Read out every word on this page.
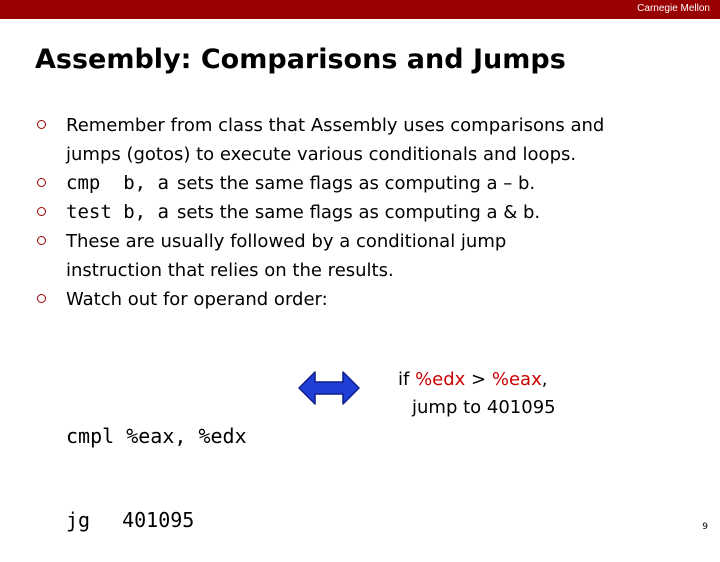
Carnegie Mellon
Assembly: Comparisons and Jumps
Remember from class that Assembly uses comparisons and
jumps (gotos) to execute various conditionals and loops.
cmp  b, a sets the same flags as computing a – b.
test b, a sets the same flags as computing a & b.
These are usually followed by a conditional jump
instruction that relies on the results.
Watch out for operand order:

cmpl %eax, %edx

jg 401095

if %edx > %eax,
jump to 401095
9
